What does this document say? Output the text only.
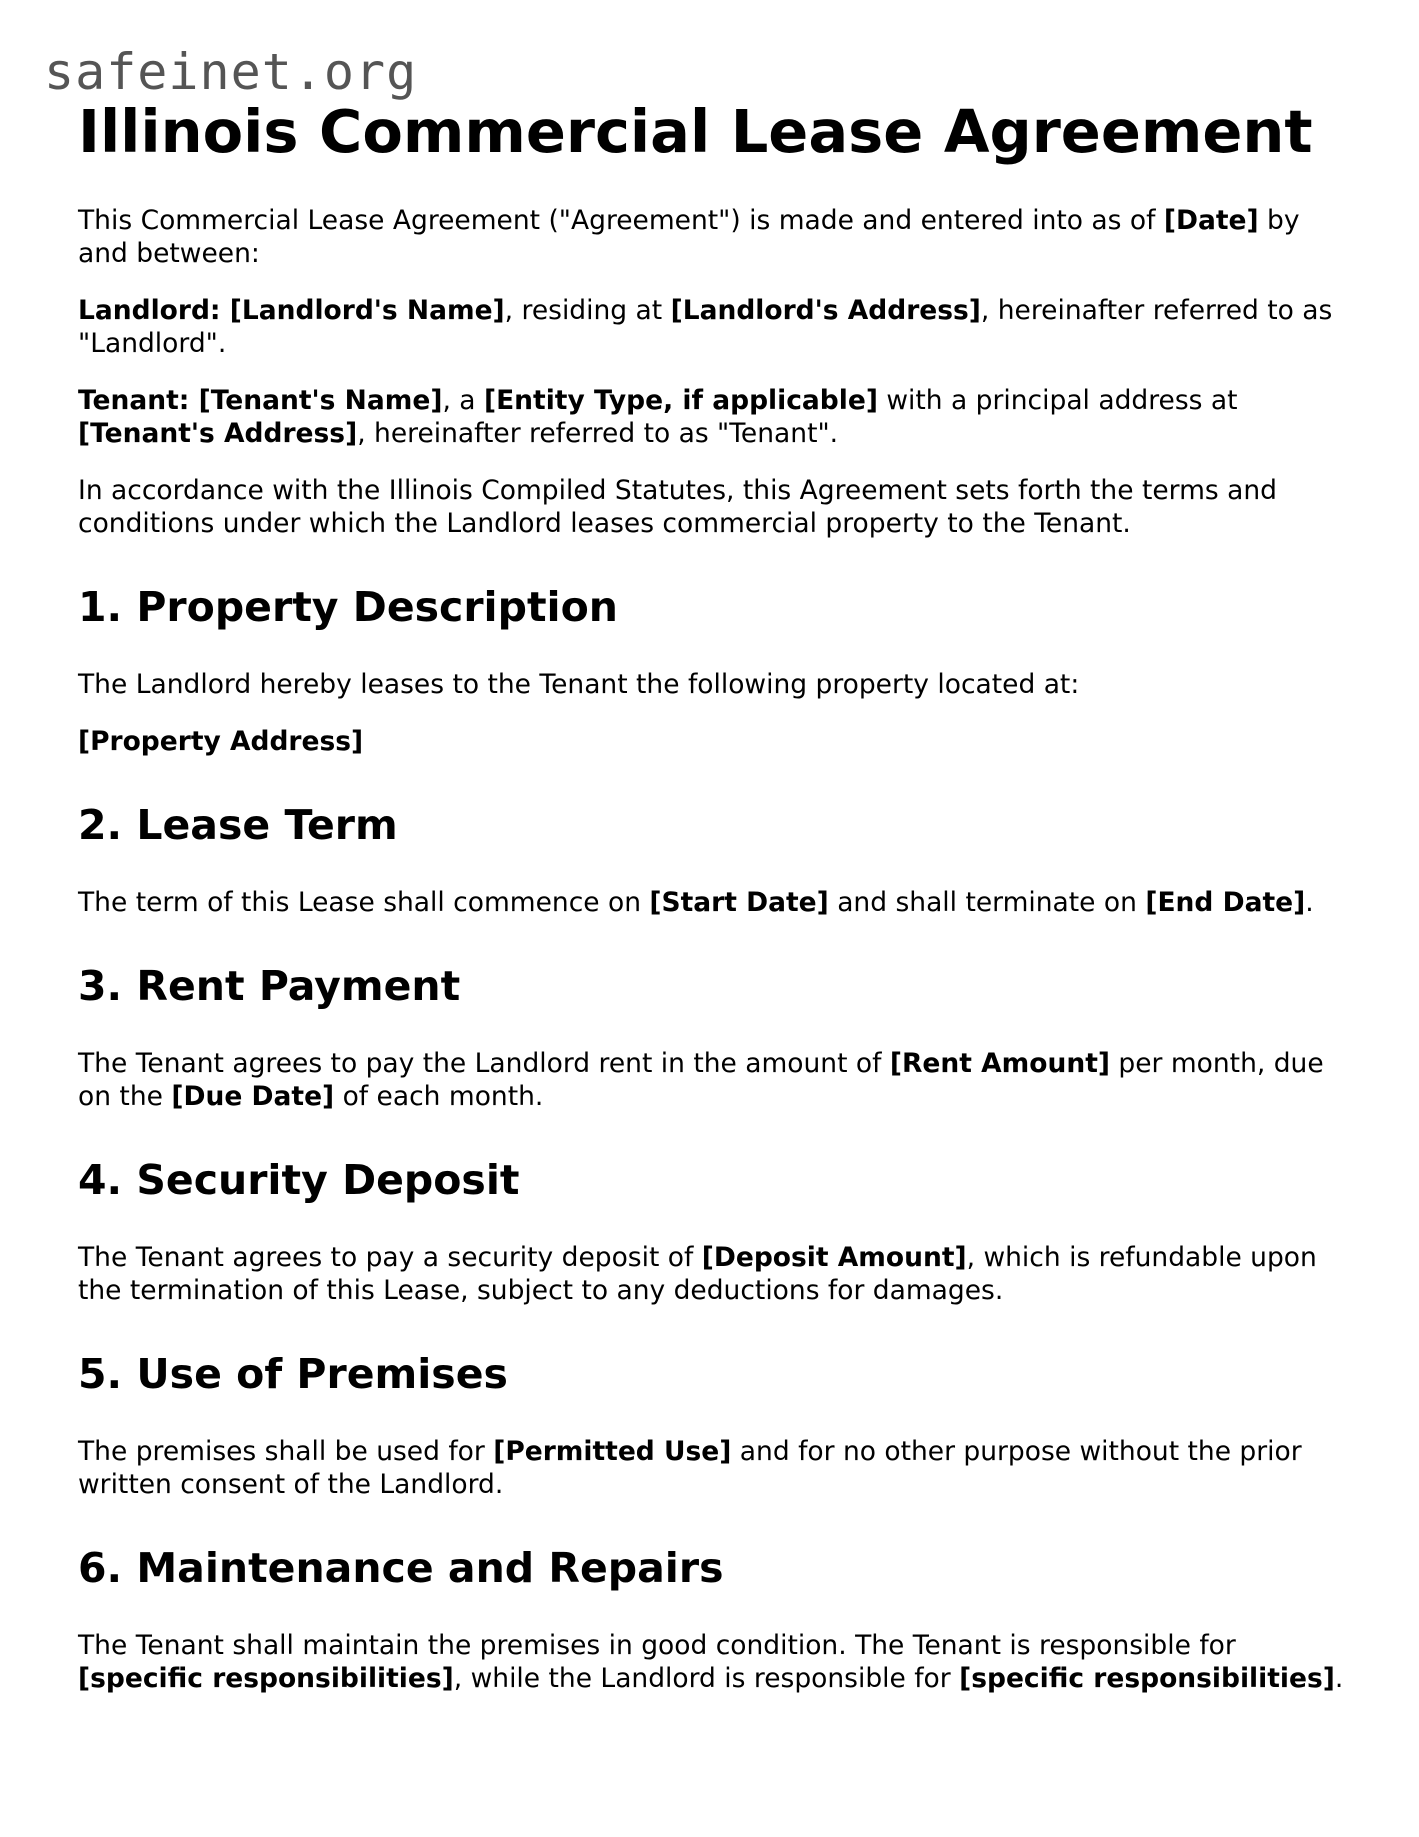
safeinet.org
Illinois Commercial Lease Agreement

This Commercial Lease Agreement ("Agreement") is made and entered into as of [Date] by and between:

Landlord: [Landlord's Name], residing at [Landlord's Address], hereinafter referred to as "Landlord".

Tenant: [Tenant's Name], a [Entity Type, if applicable] with a principal address at [Tenant's Address], hereinafter referred to as "Tenant".

In accordance with the Illinois Compiled Statutes, this Agreement sets forth the terms and conditions under which the Landlord leases commercial property to the Tenant.

1. Property Description

The Landlord hereby leases to the Tenant the following property located at:

[Property Address]

2. Lease Term

The term of this Lease shall commence on [Start Date] and shall terminate on [End Date].

3. Rent Payment

The Tenant agrees to pay the Landlord rent in the amount of [Rent Amount] per month, due on the [Due Date] of each month.

4. Security Deposit

The Tenant agrees to pay a security deposit of [Deposit Amount], which is refundable upon the termination of this Lease, subject to any deductions for damages.

5. Use of Premises

The premises shall be used for [Permitted Use] and for no other purpose without the prior written consent of the Landlord.

6. Maintenance and Repairs

The Tenant shall maintain the premises in good condition. The Tenant is responsible for [specific responsibilities], while the Landlord is responsible for [specific responsibilities].
